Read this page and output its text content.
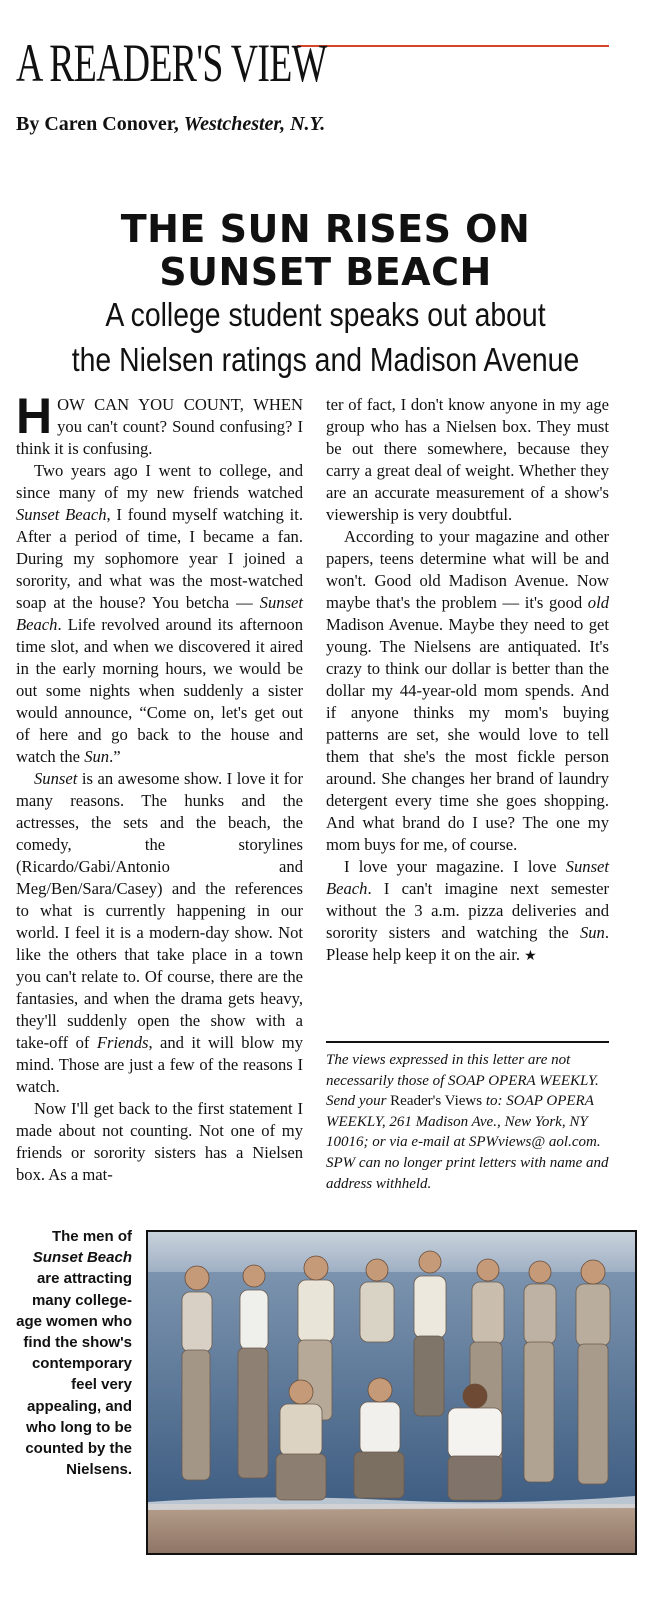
A READER'S VIEW

By Caren Conover, Westchester, N.Y.

THE SUN RISES ON
SUNSET BEACH
A college student speaks out about
the Nielsen ratings and Madison Avenue

HOW CAN YOU COUNT, WHEN you can't count? Sound confusing? I think it is confusing.

Two years ago I went to college, and since many of my new friends watched Sunset Beach, I found myself watching it. After a period of time, I became a fan. During my sophomore year I joined a sorority, and what was the most-watched soap at the house? You betcha — Sunset Beach. Life revolved around its afternoon time slot, and when we discovered it aired in the early morning hours, we would be out some nights when suddenly a sister would announce, “Come on, let's get out of here and go back to the house and watch the Sun.”

Sunset is an awesome show. I love it for many reasons. The hunks and the actresses, the sets and the beach, the comedy, the storylines (Ricardo/Gabi/Antonio and Meg/Ben/Sara/Casey) and the references to what is currently happening in our world. I feel it is a modern-day show. Not like the others that take place in a town you can't relate to. Of course, there are the fantasies, and when the drama gets heavy, they'll suddenly open the show with a take-off of Friends, and it will blow my mind. Those are just a few of the reasons I watch.

Now I'll get back to the first statement I made about not counting. Not one of my friends or sorority sisters has a Nielsen box. As a mat-

ter of fact, I don't know anyone in my age group who has a Nielsen box. They must be out there somewhere, because they carry a great deal of weight. Whether they are an accurate measurement of a show's viewership is very doubtful.

According to your magazine and other papers, teens determine what will be and won't. Good old Madison Avenue. Now maybe that's the problem — it's good old Madison Avenue. Maybe they need to get young. The Nielsens are antiquated. It's crazy to think our dollar is better than the dollar my 44-year-old mom spends. And if anyone thinks my mom's buying patterns are set, she would love to tell them that she's the most fickle person around. She changes her brand of laundry detergent every time she goes shopping. And what brand do I use? The one my mom buys for me, of course.

I love your magazine. I love Sunset Beach. I can't imagine next semester without the 3 a.m. pizza deliveries and sorority sisters and watching the Sun. Please help keep it on the air. ★

The views expressed in this letter are not necessarily those of SOAP OPERA WEEKLY. Send your Reader's Views to: SOAP OPERA WEEKLY, 261 Madison Ave., New York, NY 10016; or via e-mail at SPWviews@ aol.com. SPW can no longer print letters with name and address withheld.

The men of Sunset Beach are attracting many college-age women who find the show's contemporary feel very appealing, and who long to be counted by the Nielsens.
